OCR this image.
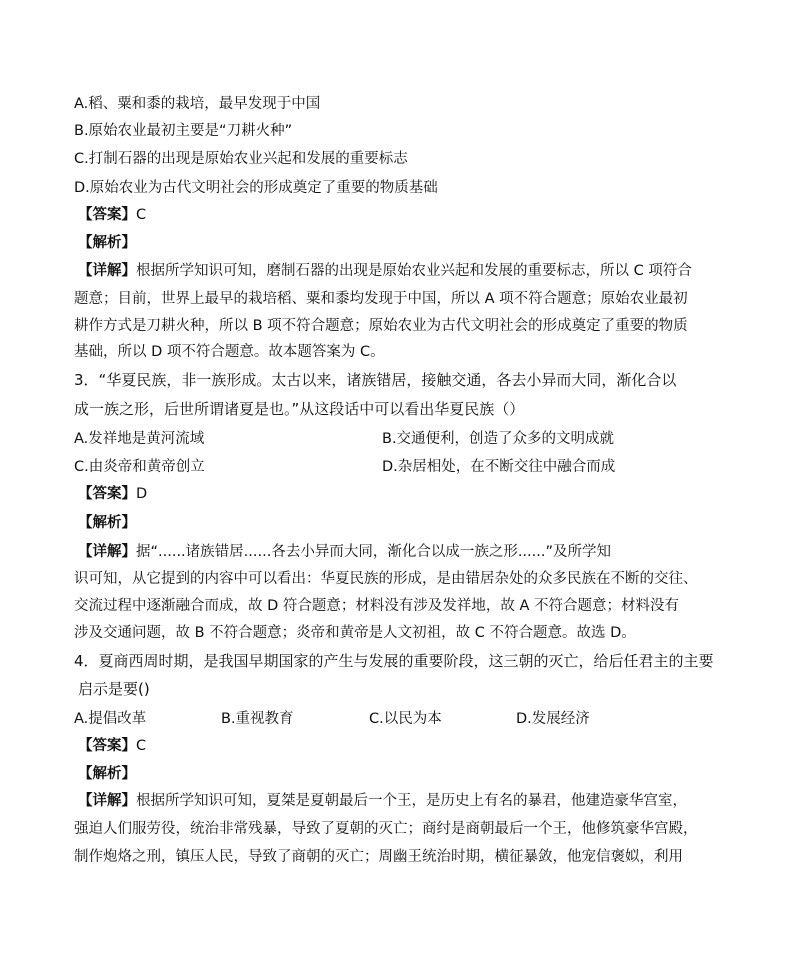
A.稻、粟和黍的栽培，最早发现于中国
B.原始农业最初主要是“刀耕火种”
C.打制石器的出现是原始农业兴起和发展的重要标志
D.原始农业为古代文明社会的形成奠定了重要的物质基础
【答案】C
【解析】
【详解】根据所学知识可知，磨制石器的出现是原始农业兴起和发展的重要标志，所以 C 项符合
题意；目前，世界上最早的栽培稻、粟和黍均发现于中国，所以 A 项不符合题意；原始农业最初
耕作方式是刀耕火种，所以 B 项不符合题意；原始农业为古代文明社会的形成奠定了重要的物质
基础，所以 D 项不符合题意。故本题答案为 C。
3．“华夏民族，非一族形成。太古以来，诸族错居，接触交通，各去小异而大同，渐化合以
成一族之形，后世所谓诸夏是也。”从这段话中可以看出华夏民族（）
A.发祥地是黄河流域	B.交通便利，创造了众多的文明成就
C.由炎帝和黄帝创立	D.杂居相处，在不断交往中融合而成
【答案】D
【解析】
【详解】据“......诸族错居......各去小异而大同，渐化合以成一族之形......”及所学知
识可知，从它提到的内容中可以看出：华夏民族的形成，是由错居杂处的众多民族在不断的交往、
交流过程中逐渐融合而成，故 D 符合题意；材料没有涉及发祥地，故 A 不符合题意；材料没有
涉及交通问题，故 B 不符合题意；炎帝和黄帝是人文初祖，故 C 不符合题意。故选 D。
4．夏商西周时期，是我国早期国家的产生与发展的重要阶段，这三朝的灭亡，给后任君主的主要
启示是要()
A.提倡改革	B.重视教育	C.以民为本	D.发展经济
【答案】C
【解析】
【详解】根据所学知识可知，夏桀是夏朝最后一个王，是历史上有名的暴君，他建造豪华宫室，
强迫人们服劳役，统治非常残暴，导致了夏朝的灭亡；商纣是商朝最后一个王，他修筑豪华宫殿，
制作炮烙之刑，镇压人民，导致了商朝的灭亡；周幽王统治时期，横征暴敛，他宠信褒姒，利用
